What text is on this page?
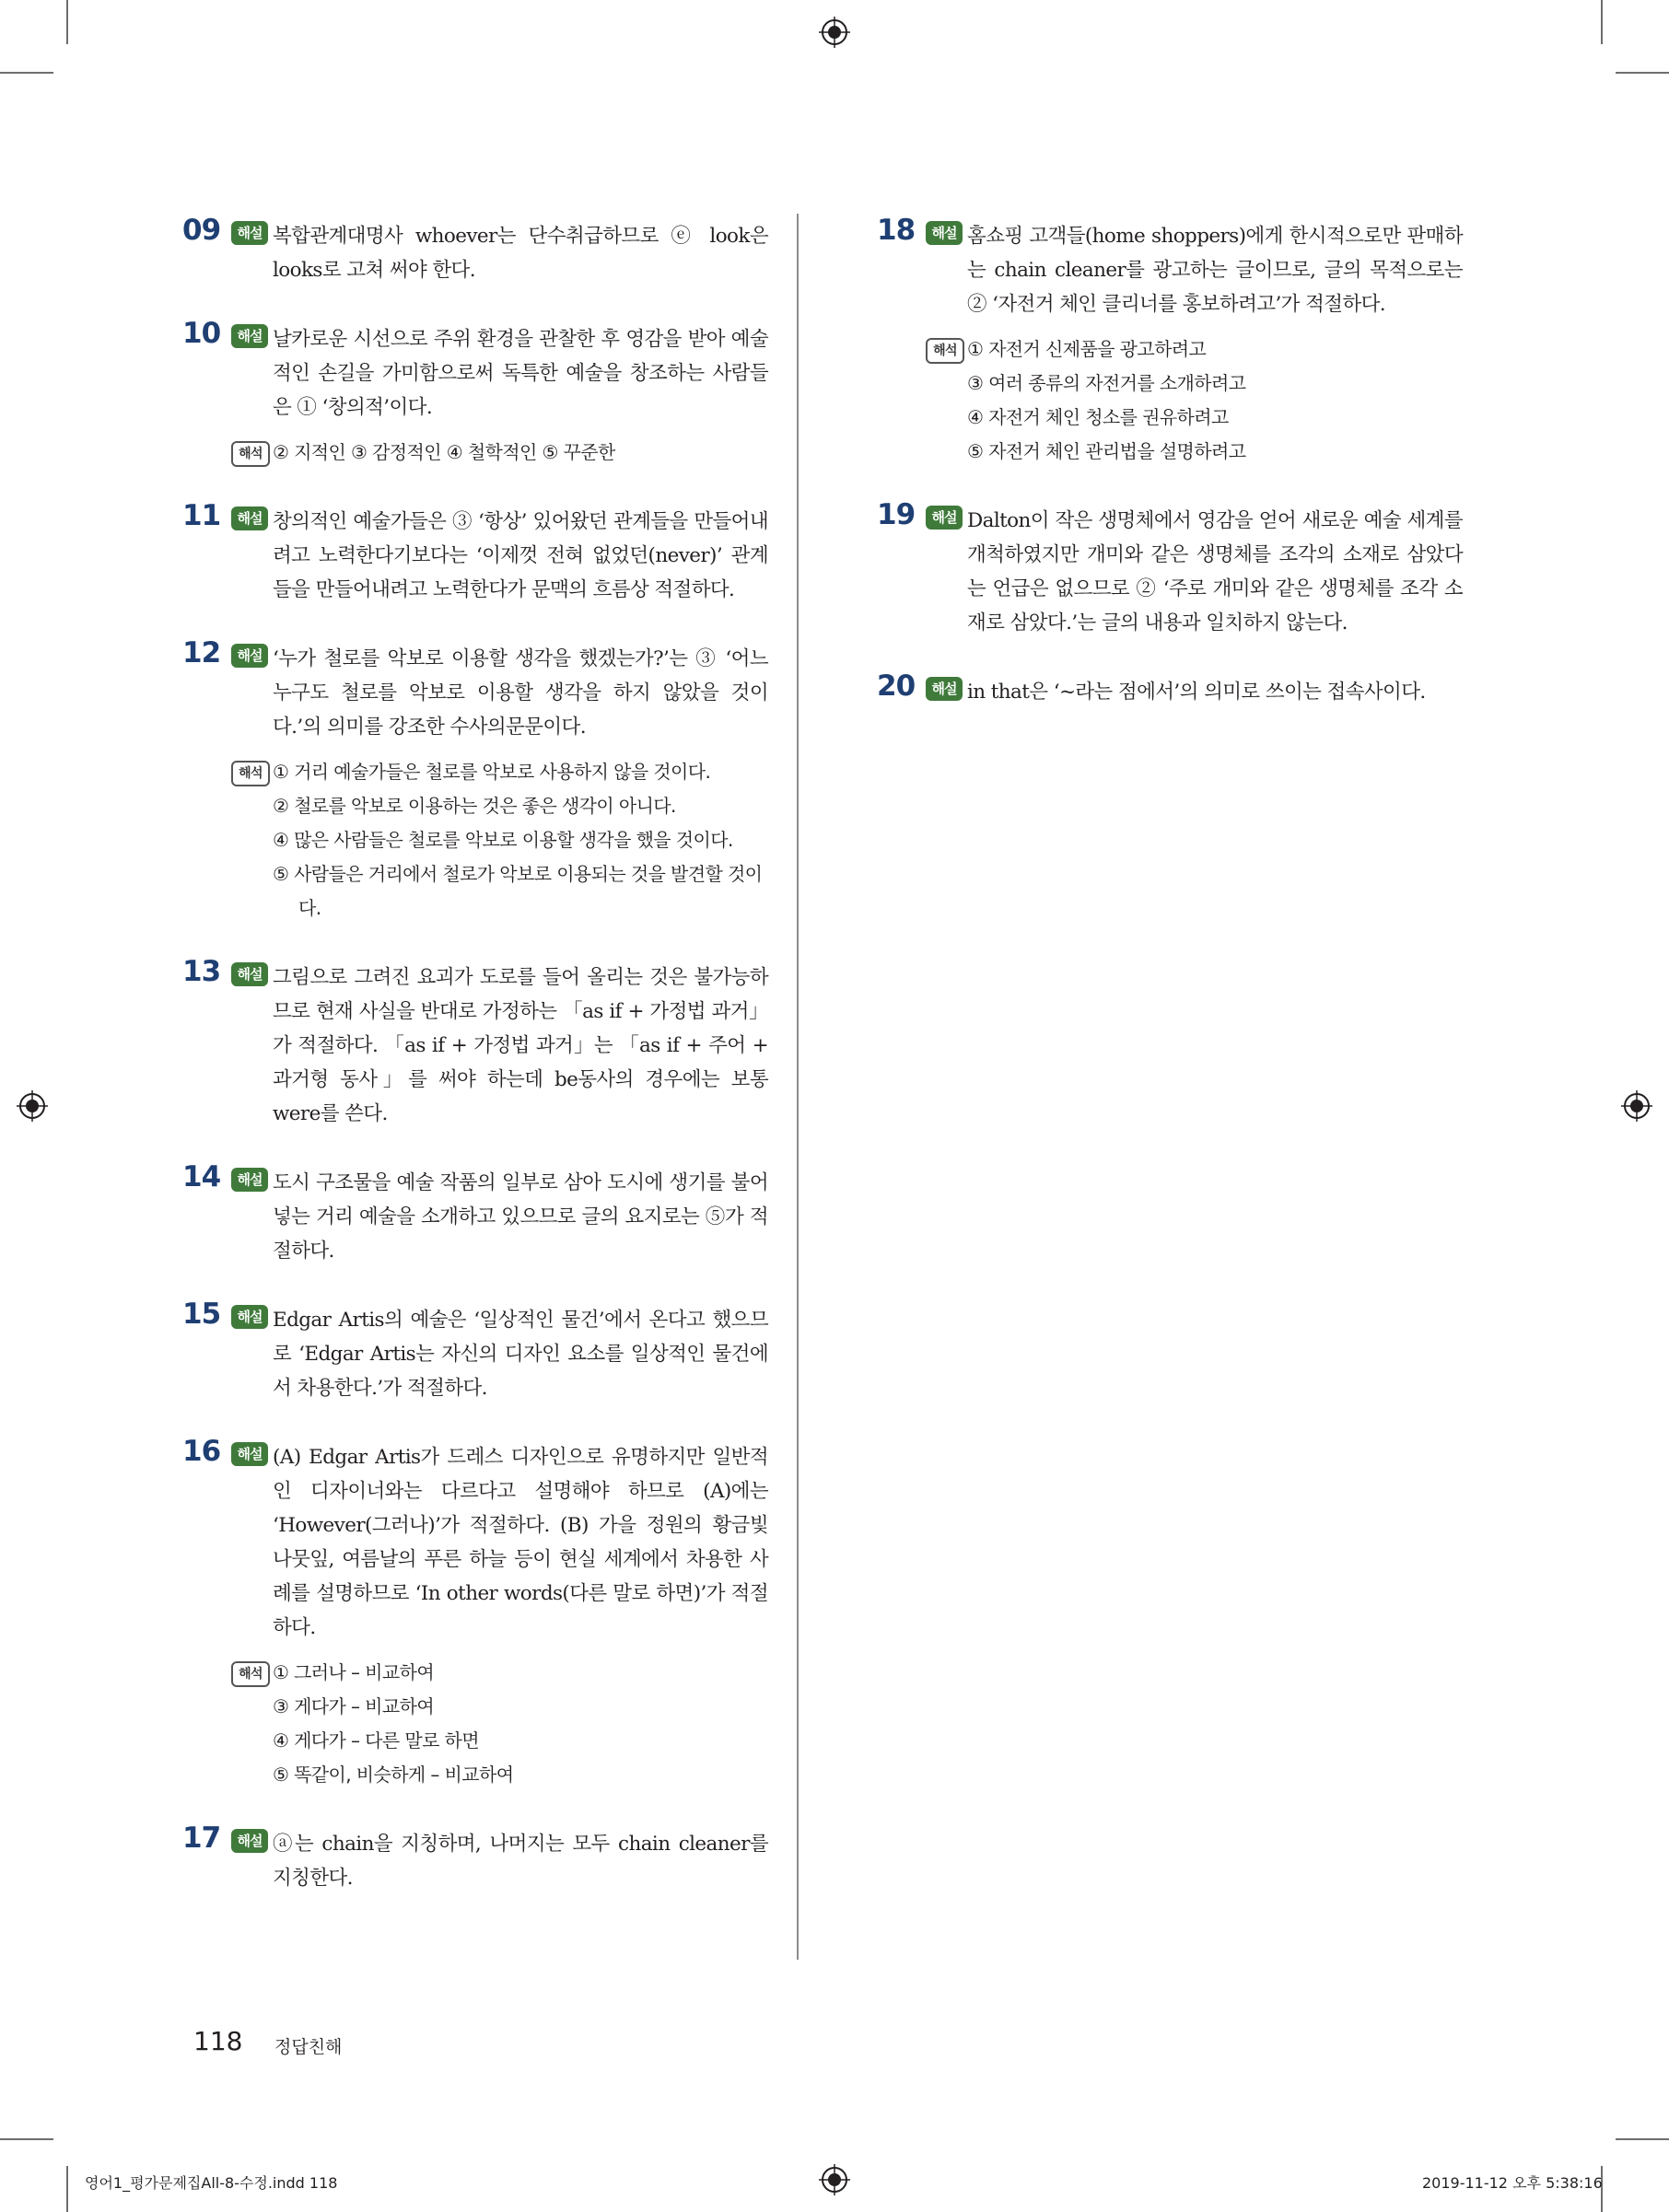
09	해설 복합관계대명사 whoever는 단수취급하므로 ⓔ look은 looks로 고쳐 써야 한다.
10	해설 날카로운 시선으로 주위 환경을 관찰한 후 영감을 받아 예술적인 손길을 가미함으로써 독특한 예술을 창조하는 사람들은 ① ‘창의적’이다.
해석 ② 지적인 ③ 감정적인 ④ 철학적인 ⑤ 꾸준한
11	해설 창의적인 예술가들은 ③ ‘항상’ 있어왔던 관계들을 만들어내려고 노력한다기보다는 ‘이제껏 전혀 없었던(never)’ 관계들을 만들어내려고 노력한다가 문맥의 흐름상 적절하다.
12	해설 ‘누가 철로를 악보로 이용할 생각을 했겠는가?’는 ③ ‘어느 누구도 철로를 악보로 이용할 생각을 하지 않았을 것이다.’의 의미를 강조한 수사의문문이다.
해석 ① 거리 예술가들은 철로를 악보로 사용하지 않을 것이다.
② 철로를 악보로 이용하는 것은 좋은 생각이 아니다.
④ 많은 사람들은 철로를 악보로 이용할 생각을 했을 것이다.
⑤ 사람들은 거리에서 철로가 악보로 이용되는 것을 발견할 것이다.
13	해설 그림으로 그려진 요괴가 도로를 들어 올리는 것은 불가능하므로 현재 사실을 반대로 가정하는 「as if + 가정법 과거」가 적절하다. 「as if + 가정법 과거」는 「as if + 주어 + 과거형 동사」를 써야 하는데 be동사의 경우에는 보통 were를 쓴다.
14	해설 도시 구조물을 예술 작품의 일부로 삼아 도시에 생기를 불어넣는 거리 예술을 소개하고 있으므로 글의 요지로는 ⑤가 적절하다.
15	해설 Edgar Artis의 예술은 ‘일상적인 물건’에서 온다고 했으므로 ‘Edgar Artis는 자신의 디자인 요소를 일상적인 물건에서 차용한다.’가 적절하다.
16	해설 (A) Edgar Artis가 드레스 디자인으로 유명하지만 일반적인 디자이너와는 다르다고 설명해야 하므로 (A)에는 ‘However(그러나)’가 적절하다. (B) 가을 정원의 황금빛 나뭇잎, 여름날의 푸른 하늘 등이 현실 세계에서 차용한 사례를 설명하므로 ‘In other words(다른 말로 하면)’가 적절하다.
해석 ① 그러나 – 비교하여
③ 게다가 – 비교하여
④ 게다가 – 다른 말로 하면
⑤ 똑같이, 비슷하게 – 비교하여
17	해설 ⓐ는 chain을 지칭하며, 나머지는 모두 chain cleaner를 지칭한다.
18	해설 홈쇼핑 고객들(home shoppers)에게 한시적으로만 판매하는 chain cleaner를 광고하는 글이므로, 글의 목적으로는 ② ‘자전거 체인 클리너를 홍보하려고’가 적절하다.
해석 ① 자전거 신제품을 광고하려고
③ 여러 종류의 자전거를 소개하려고
④ 자전거 체인 청소를 권유하려고
⑤ 자전거 체인 관리법을 설명하려고
19	해설 Dalton이 작은 생명체에서 영감을 얻어 새로운 예술 세계를 개척하였지만 개미와 같은 생명체를 조각의 소재로 삼았다는 언급은 없으므로 ② ‘주로 개미와 같은 생명체를 조각 소재로 삼았다.’는 글의 내용과 일치하지 않는다.
20	해설 in that은 ‘~라는 점에서’의 의미로 쓰이는 접속사이다.
118 정답친해
영어1_평가문제집All-8-수정.indd 118	2019-11-12 오후 5:38:16
